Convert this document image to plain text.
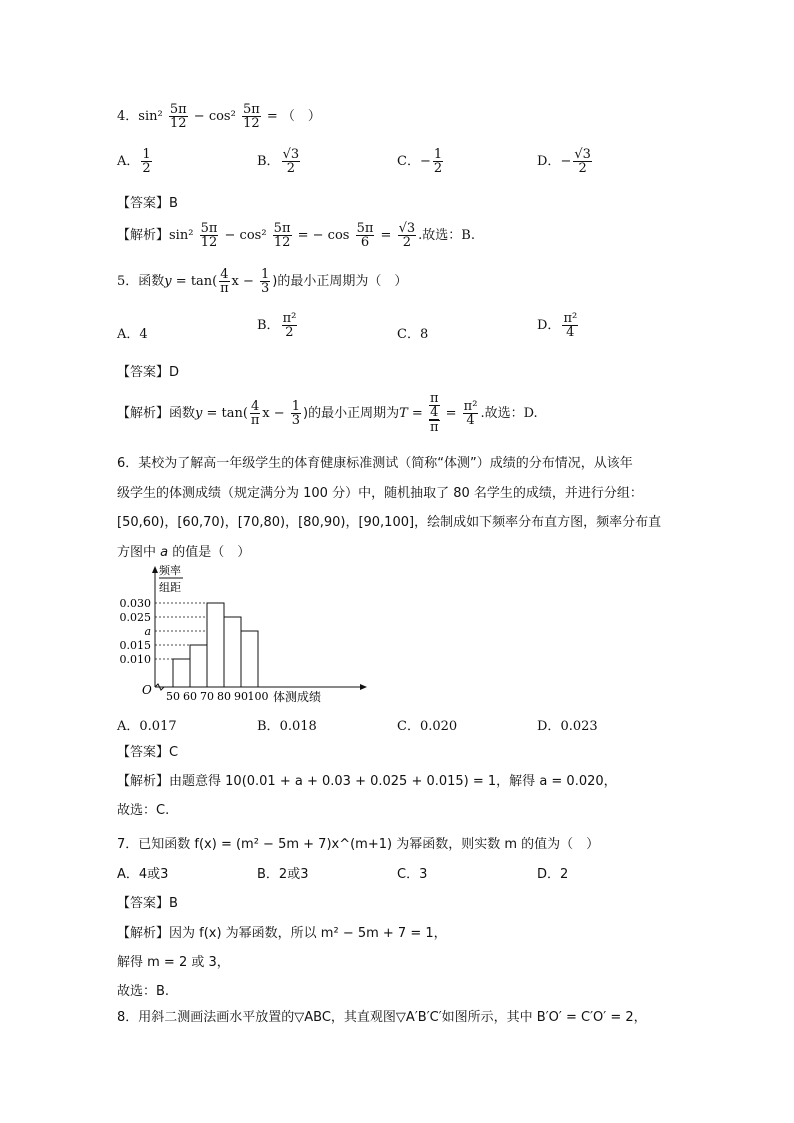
4．$\sin^2 \frac{5\pi}{12} - \cos^2 \frac{5\pi}{12}$ = （　）
A． $\frac{1}{2}$	B． $\frac{√3}{2}$	C．− $\frac{1}{2}$	D．− $\frac{√3}{2}$
【答案】B
【解析】$\sin^2 \frac{5\pi}{12} - \cos^2 \frac{5\pi}{12}$ = − $\cos \frac{5\pi}{6} = \frac{√3}{2}$ .故选：B.
5．函数$y = \tan( \frac{4}{\pi}$ $x - \frac{1}{3}$ )的最小正周期为（　）
A．4
B． $\frac{\text{π²}}{2}$	C．8
D． $\frac{\text{π²}}{4}$
【答案】D
【解析】函数$y = \tan( \frac{4}{\pi}$ $x - \frac{1}{3}$ )的最小正周期为T =
π
4
π
= $\frac{\text{π²}}{4}$ .故选：D.
6．某校为了解高一年级学生的体育健康标准测试（简称“体测”）成绩的分布情况，从该年
级学生的体测成绩（规定满分为 100 分）中，随机抽取了 80 名学生的成绩，并进行分组：
[50,60)，[60,70)，[70,80)，[80,90)，[90,100]，绘制成如下频率分布直方图，频率分布直
方图中 a 的值是（　）
频率
组距
O
0.030
0.025
a
0.015
0.010
50 60 70 80 90 100 体测成绩
A．0.017	B．0.018	C．0.020	D．0.023
【答案】C
【解析】由题意得 10(0.01 + a + 0.03 + 0.025 + 0.015) = 1，解得 a = 0.020，
故选：C.
7．已知函数 f(x) = (m² − 5m + 7)x^(m+1) 为幂函数，则实数 m 的值为（　）
A．4或3	B．2或3	C．3	D．2
【答案】B
【解析】因为 f(x) 为幂函数，所以 m² − 5m + 7 = 1，
解得 m = 2 或 3，
故选：B.
8．用斜二测画法画水平放置的▽ABC，其直观图▽A′B′C′如图所示，其中 B′O′ = C′O′ = 2，
